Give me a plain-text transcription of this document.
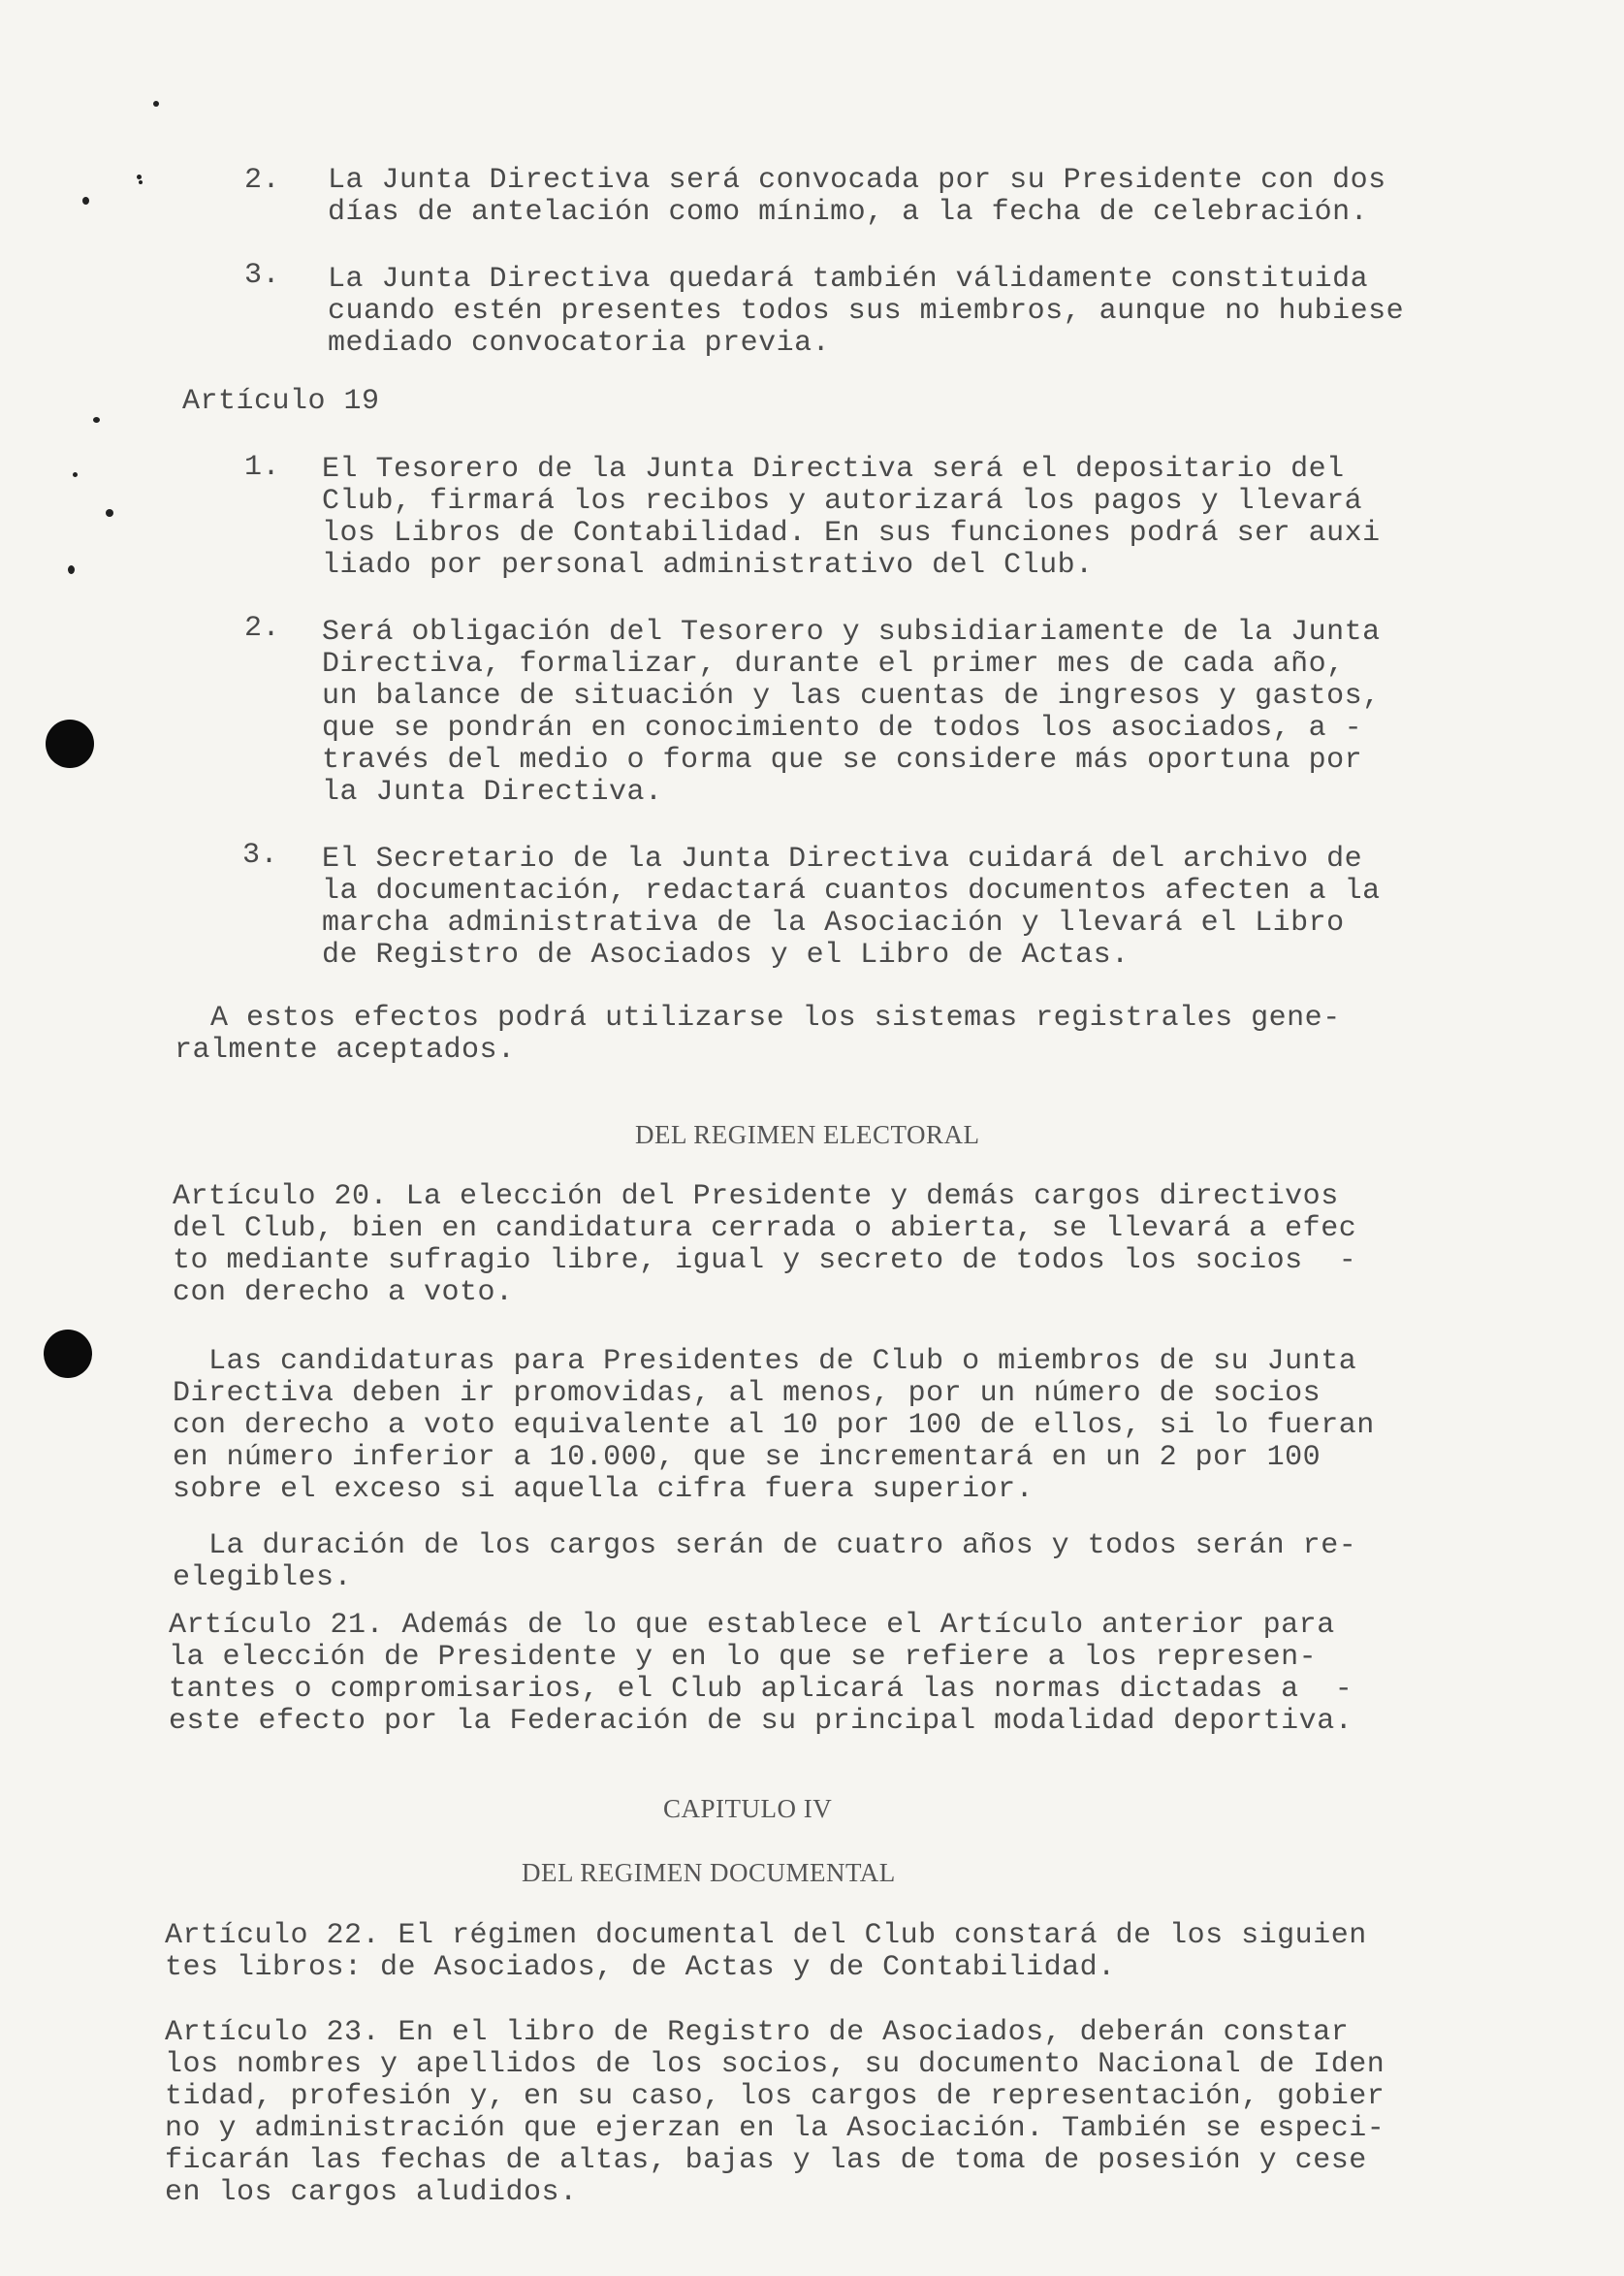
2. La Junta Directiva será convocada por su Presidente con dos
días de antelación como mínimo, a la fecha de celebración.
3. La Junta Directiva quedará también válidamente constituida
cuando estén presentes todos sus miembros, aunque no hubiese
mediado convocatoria previa.
Artículo 19
1. El Tesorero de la Junta Directiva será el depositario del
Club, firmará los recibos y autorizará los pagos y llevará
los Libros de Contabilidad. En sus funciones podrá ser auxi
liado por personal administrativo del Club.
2. Será obligación del Tesorero y subsidiariamente de la Junta
Directiva, formalizar, durante el primer mes de cada año,
un balance de situación y las cuentas de ingresos y gastos,
que se pondrán en conocimiento de todos los asociados, a -
través del medio o forma que se considere más oportuna por
la Junta Directiva.
3. El Secretario de la Junta Directiva cuidará del archivo de
la documentación, redactará cuantos documentos afecten a la
marcha administrativa de la Asociación y llevará el Libro
de Registro de Asociados y el Libro de Actas.
A estos efectos podrá utilizarse los sistemas registrales gene-
ralmente aceptados.
DEL REGIMEN ELECTORAL
Artículo 20. La elección del Presidente y demás cargos directivos
del Club, bien en candidatura cerrada o abierta, se llevará a efec
to mediante sufragio libre, igual y secreto de todos los socios  -
con derecho a voto.
Las candidaturas para Presidentes de Club o miembros de su Junta
Directiva deben ir promovidas, al menos, por un número de socios
con derecho a voto equivalente al 10 por 100 de ellos, si lo fueran
en número inferior a 10.000, que se incrementará en un 2 por 100
sobre el exceso si aquella cifra fuera superior.
La duración de los cargos serán de cuatro años y todos serán re-
elegibles.
Artículo 21. Además de lo que establece el Artículo anterior para
la elección de Presidente y en lo que se refiere a los represen-
tantes o compromisarios, el Club aplicará las normas dictadas a  -
este efecto por la Federación de su principal modalidad deportiva.
CAPITULO IV
DEL REGIMEN DOCUMENTAL
Artículo 22. El régimen documental del Club constará de los siguien
tes libros: de Asociados, de Actas y de Contabilidad.
Artículo 23. En el libro de Registro de Asociados, deberán constar
los nombres y apellidos de los socios, su documento Nacional de Iden
tidad, profesión y, en su caso, los cargos de representación, gobier
no y administración que ejerzan en la Asociación. También se especi-
ficarán las fechas de altas, bajas y las de toma de posesión y cese
en los cargos aludidos.
